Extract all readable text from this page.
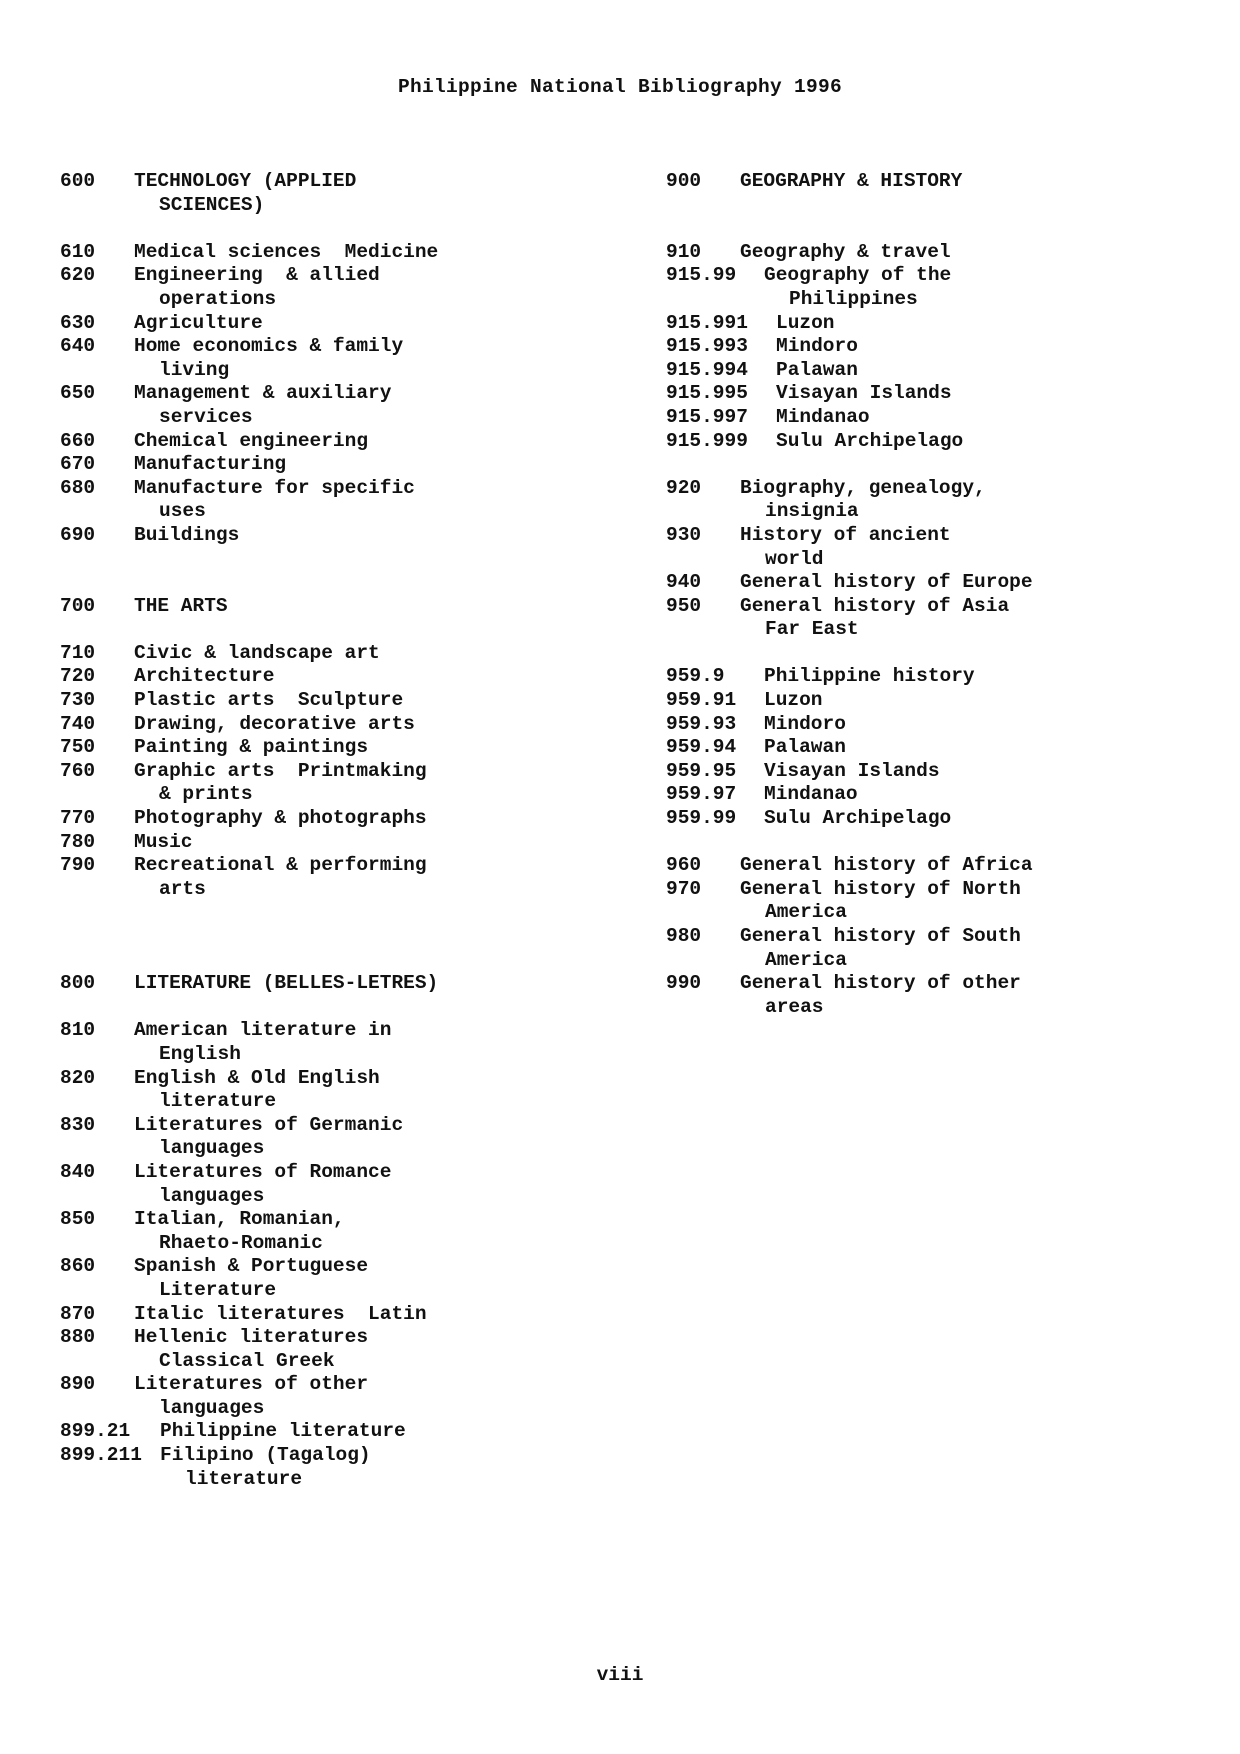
Philippine National Bibliography 1996
600 TECHNOLOGY (APPLIED
SCIENCES)
610 Medical sciences  Medicine
620 Engineering  & allied
operations
630 Agriculture
640 Home economics & family
living
650 Management & auxiliary
services
660 Chemical engineering
670 Manufacturing
680 Manufacture for specific
uses
690 Buildings
700 THE ARTS
710 Civic & landscape art
720 Architecture
730 Plastic arts  Sculpture
740 Drawing, decorative arts
750 Painting & paintings
760 Graphic arts  Printmaking
& prints
770 Photography & photographs
780 Music
790 Recreational & performing
arts
800 LITERATURE (BELLES-LETRES)
810 American literature in
English
820 English & Old English
literature
830 Literatures of Germanic
languages
840 Literatures of Romance
languages
850 Italian, Romanian,
Rhaeto-Romanic
860 Spanish & Portuguese
Literature
870 Italic literatures  Latin
880 Hellenic literatures
Classical Greek
890 Literatures of other
languages
899.21 Philippine literature
899.211 Filipino (Tagalog)
literature
900 GEOGRAPHY & HISTORY
910 Geography & travel
915.99 Geography of the
Philippines
915.991 Luzon
915.993 Mindoro
915.994 Palawan
915.995 Visayan Islands
915.997 Mindanao
915.999 Sulu Archipelago
920 Biography, genealogy,
insignia
930 History of ancient
world
940 General history of Europe
950 General history of Asia
Far East
959.9 Philippine history
959.91 Luzon
959.93 Mindoro
959.94 Palawan
959.95 Visayan Islands
959.97 Mindanao
959.99 Sulu Archipelago
960 General history of Africa
970 General history of North
America
980 General history of South
America
990 General history of other
areas
viii
